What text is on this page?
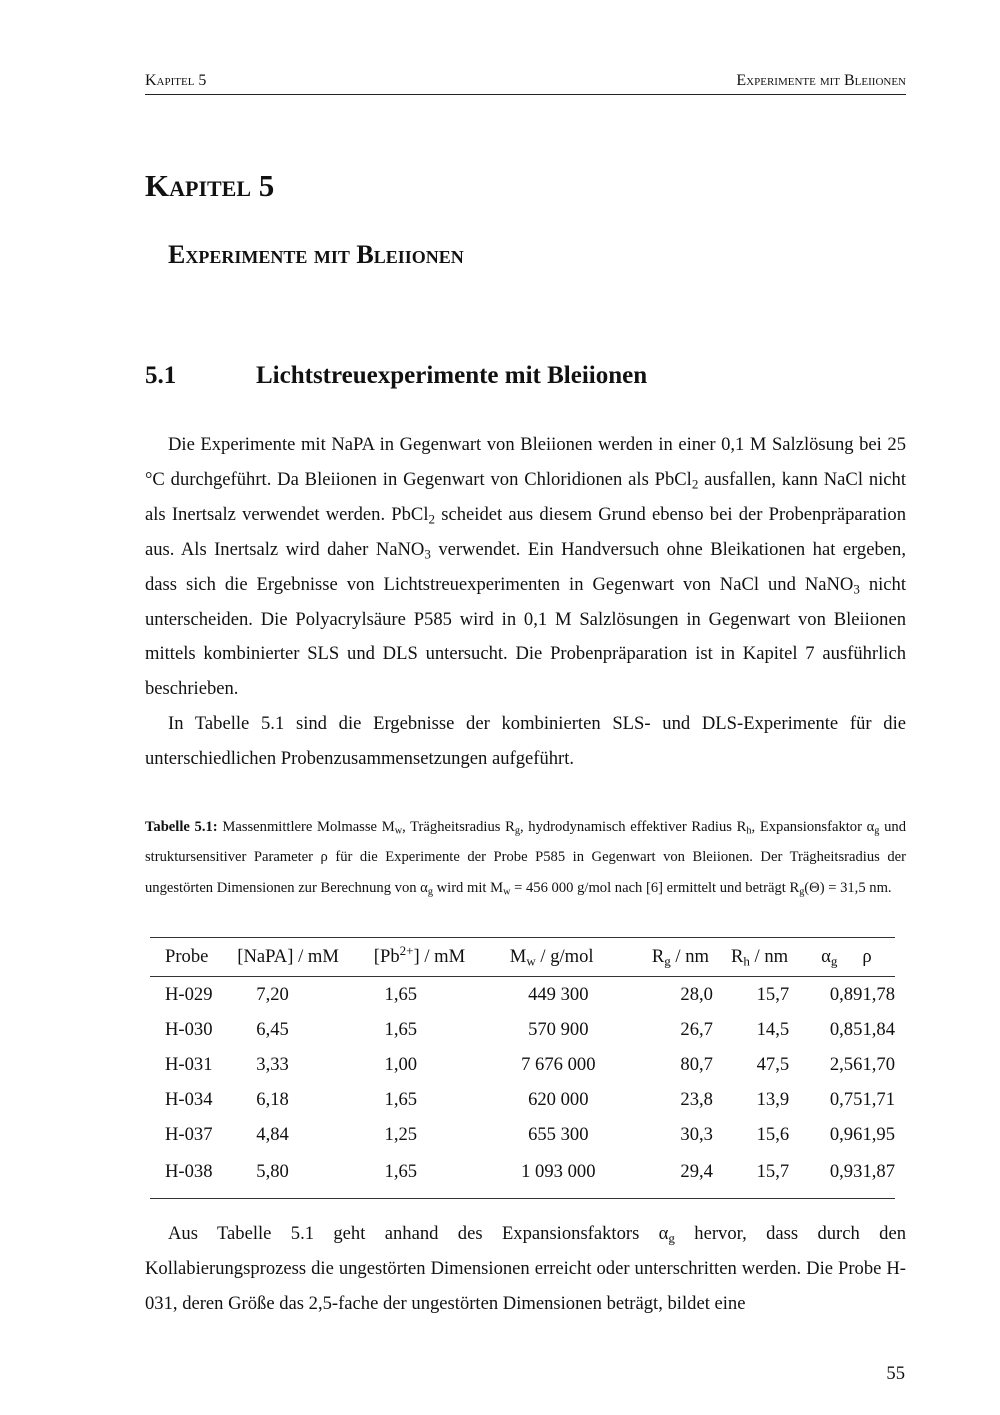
Kapitel 5	Experimente mit Bleiionen
Kapitel 5
Experimente mit Bleiionen
5.1	Lichtstreuexperimente mit Bleiionen
Die Experimente mit NaPA in Gegenwart von Bleiionen werden in einer 0,1 M Salzlösung bei 25 °C durchgeführt. Da Bleiionen in Gegenwart von Chloridionen als PbCl$_2$ ausfallen, kann NaCl nicht als Inertsalz verwendet werden. PbCl$_2$ scheidet aus diesem Grund ebenso bei der Probenpräparation aus. Als Inertsalz wird daher NaNO$_3$ verwendet. Ein Handversuch ohne Bleikationen hat ergeben, dass sich die Ergebnisse von Lichtstreuexperimenten in Gegenwart von NaCl und NaNO$_3$ nicht unterscheiden. Die Polyacrylsäure P585 wird in 0,1 M Salzlösungen in Gegenwart von Bleiionen mittels kombinierter SLS und DLS untersucht. Die Probenpräparation ist in Kapitel 7 ausführlich beschrieben.
In Tabelle 5.1 sind die Ergebnisse der kombinierten SLS- und DLS-Experimente für die unterschiedlichen Probenzusammensetzungen aufgeführt.
Tabelle 5.1: Massenmittlere Molmasse $M_w$, Trägheitsradius $R_g$, hydrodynamisch effektiver Radius $R_h$, Expansionsfaktor $\alpha_g$ und struktursensitiver Parameter ρ für die Experimente der Probe P585 in Gegenwart von Bleiionen. Der Trägheitsradius der ungestörten Dimensionen zur Berechnung von $\alpha_g$ wird mit $M_w = 456$ 000 g/mol nach [6] ermittelt und beträgt $R_g(\Theta) = 31,5$ nm.
Probe	[NaPA] / mM	$[Pb^{2+}]$ / mM	$M_w / g/mol$	$R_g$ / nm	$R_h$ / nm	$\alpha_g$	ρ
H-029	7,20	1,65	449 300	28,0	15,7	0,89	1,78
H-030	6,45	1,65	570 900	26,7	14,5	0,85	1,84
H-031	3,33	1,00	7 676 000	80,7	47,5	2,56	1,70
H-034	6,18	1,65	620 000	23,8	13,9	0,75	1,71
H-037	4,84	1,25	655 300	30,3	15,6	0,96	1,95
H-038	5,80	1,65	1 093 000	29,4	15,7	0,93	1,87
Aus Tabelle 5.1 geht anhand des Expansionsfaktors $\alpha_g$ hervor, dass durch den Kollabierungsprozess die ungestörten Dimensionen erreicht oder unterschritten werden. Die Probe H-031, deren Größe das 2,5-fache der ungestörten Dimensionen beträgt, bildet eine
55
